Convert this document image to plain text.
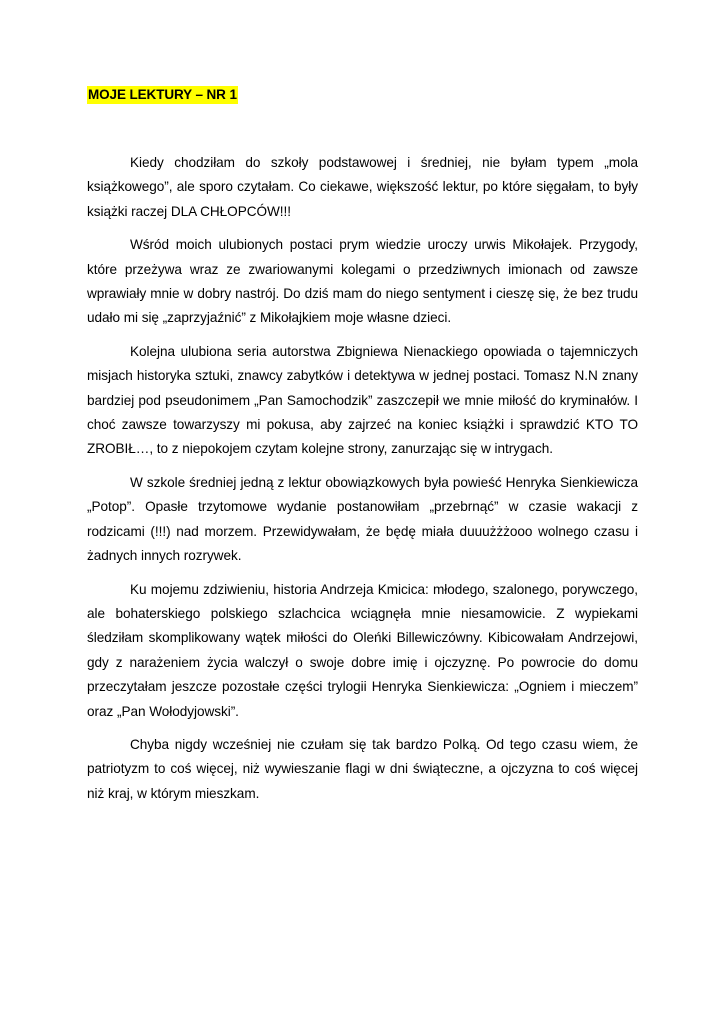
MOJE LEKTURY – NR 1

Kiedy chodziłam do szkoły podstawowej i średniej, nie byłam typem „mola książkowego”, ale sporo czytałam. Co ciekawe, większość lektur, po które sięgałam, to były książki raczej DLA CHŁOPCÓW!!!

Wśród moich ulubionych postaci prym wiedzie uroczy urwis Mikołajek. Przygody, które przeżywa wraz ze zwariowanymi kolegami o przedziwnych imionach od zawsze wprawiały mnie w dobry nastrój. Do dziś mam do niego sentyment i cieszę się, że bez trudu udało mi się „zaprzyjaźnić” z Mikołajkiem moje własne dzieci.

Kolejna ulubiona seria autorstwa Zbigniewa Nienackiego opowiada o tajemniczych misjach historyka sztuki, znawcy zabytków i detektywa w jednej postaci. Tomasz N.N znany bardziej pod pseudonimem „Pan Samochodzik” zaszczepił we mnie miłość do kryminałów. I choć zawsze towarzyszy mi pokusa, aby zajrzeć na koniec książki i sprawdzić KTO TO ZROBIŁ…, to z niepokojem czytam kolejne strony, zanurzając się w intrygach.

W szkole średniej jedną z lektur obowiązkowych była powieść Henryka Sienkiewicza „Potop”. Opasłe trzytomowe wydanie postanowiłam „przebrnąć” w czasie wakacji z rodzicami (!!!) nad morzem. Przewidywałam, że będę miała duuużżżooo wolnego czasu i żadnych innych rozrywek.

Ku mojemu zdziwieniu, historia Andrzeja Kmicica: młodego, szalonego, porywczego, ale bohaterskiego polskiego szlachcica wciągnęła mnie niesamowicie. Z wypiekami śledziłam skomplikowany wątek miłości do Oleńki Billewiczówny. Kibicowałam Andrzejowi, gdy z narażeniem życia walczył o swoje dobre imię i ojczyznę. Po powrocie do domu przeczytałam jeszcze pozostałe części trylogii Henryka Sienkiewicza: „Ogniem i mieczem” oraz „Pan Wołodyjowski”.

Chyba nigdy wcześniej nie czułam się tak bardzo Polką. Od tego czasu wiem, że patriotyzm to coś więcej, niż wywieszanie flagi w dni świąteczne, a ojczyzna to coś więcej niż kraj, w którym mieszkam.
